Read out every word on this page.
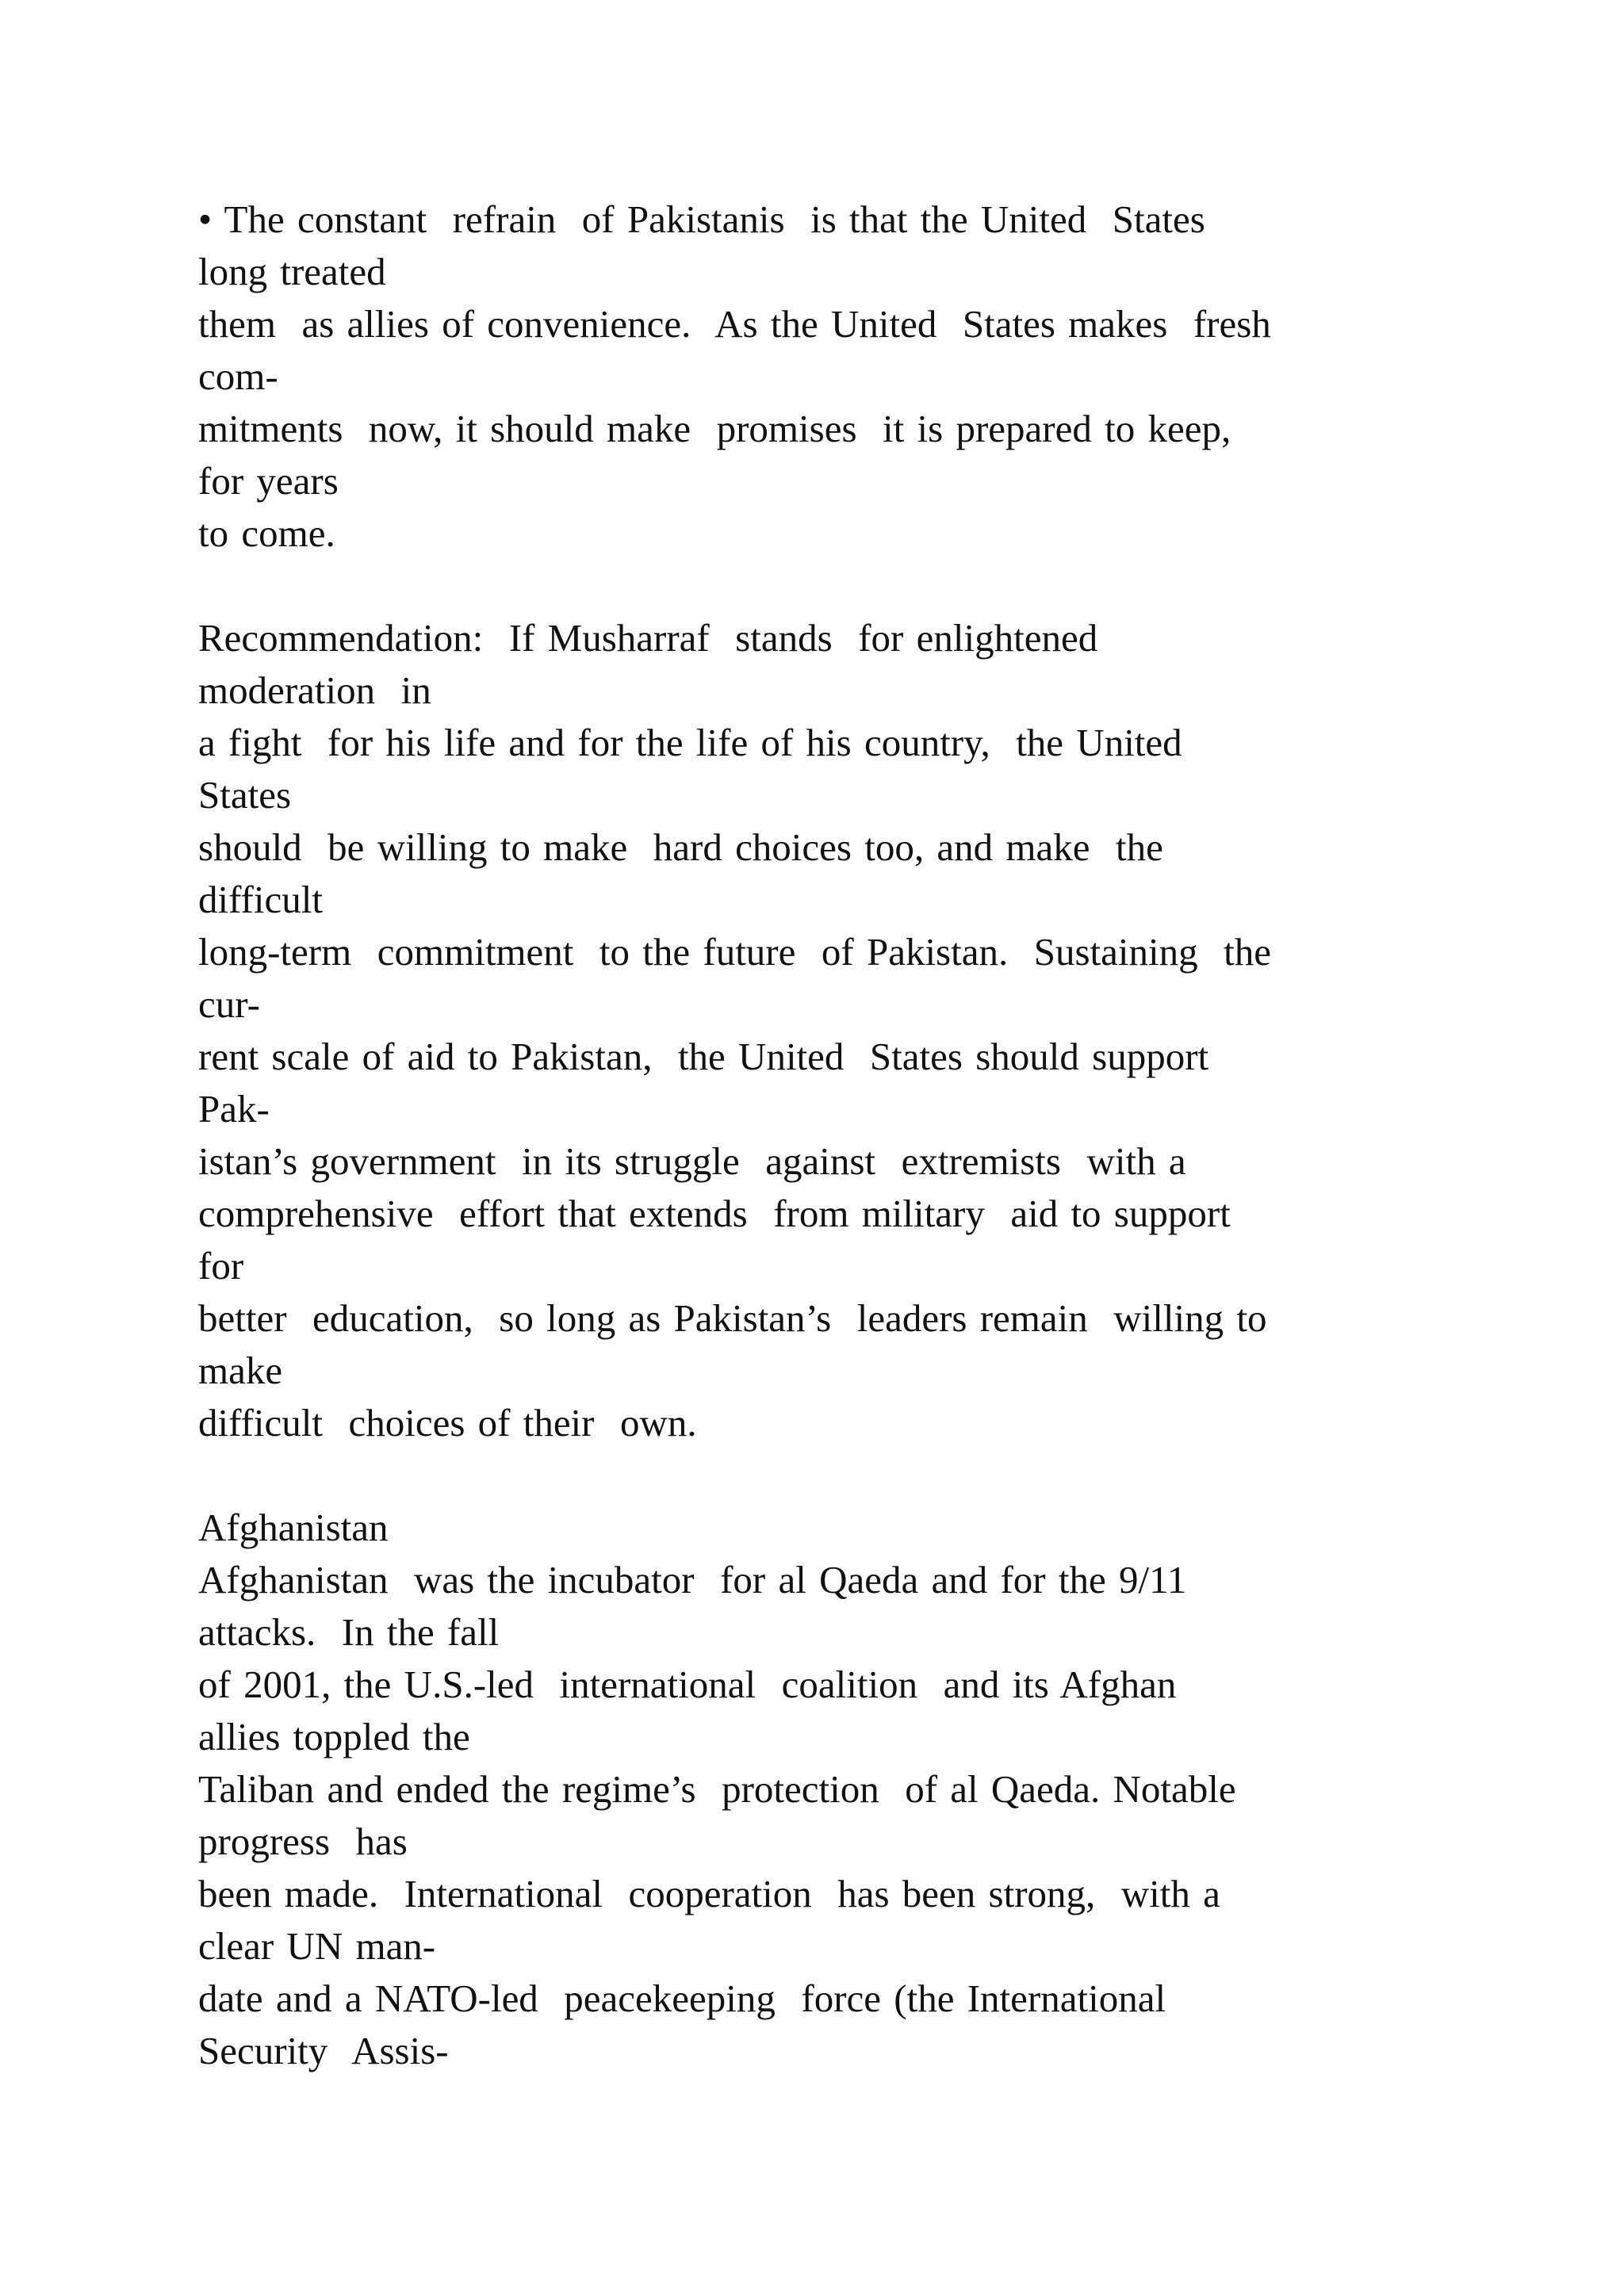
• The constant  refrain  of Pakistanis  is that the United  States
long treated
them  as allies of convenience.  As the United  States makes  fresh
com-
mitments  now, it should make  promises  it is prepared to keep,
for years
to come.
Recommendation:  If Musharraf  stands  for enlightened
moderation  in
a fight  for his life and for the life of his country,  the United
States
should  be willing to make  hard choices too, and make  the
difficult
long-term  commitment  to the future  of Pakistan.  Sustaining  the
cur-
rent scale of aid to Pakistan,  the United  States should support
Pak-
istan’s government  in its struggle  against  extremists  with a
comprehensive  effort that extends  from military  aid to support
for
better  education,  so long as Pakistan’s  leaders remain  willing to
make
difficult  choices of their  own.
Afghanistan
Afghanistan  was the incubator  for al Qaeda and for the 9/11
attacks.  In the fall
of 2001, the U.S.-led  international  coalition  and its Afghan
allies toppled the
Taliban and ended the regime’s  protection  of al Qaeda. Notable
progress  has
been made.  International  cooperation  has been strong,  with a
clear UN man-
date and a NATO-led  peacekeeping  force (the International
Security  Assis-
